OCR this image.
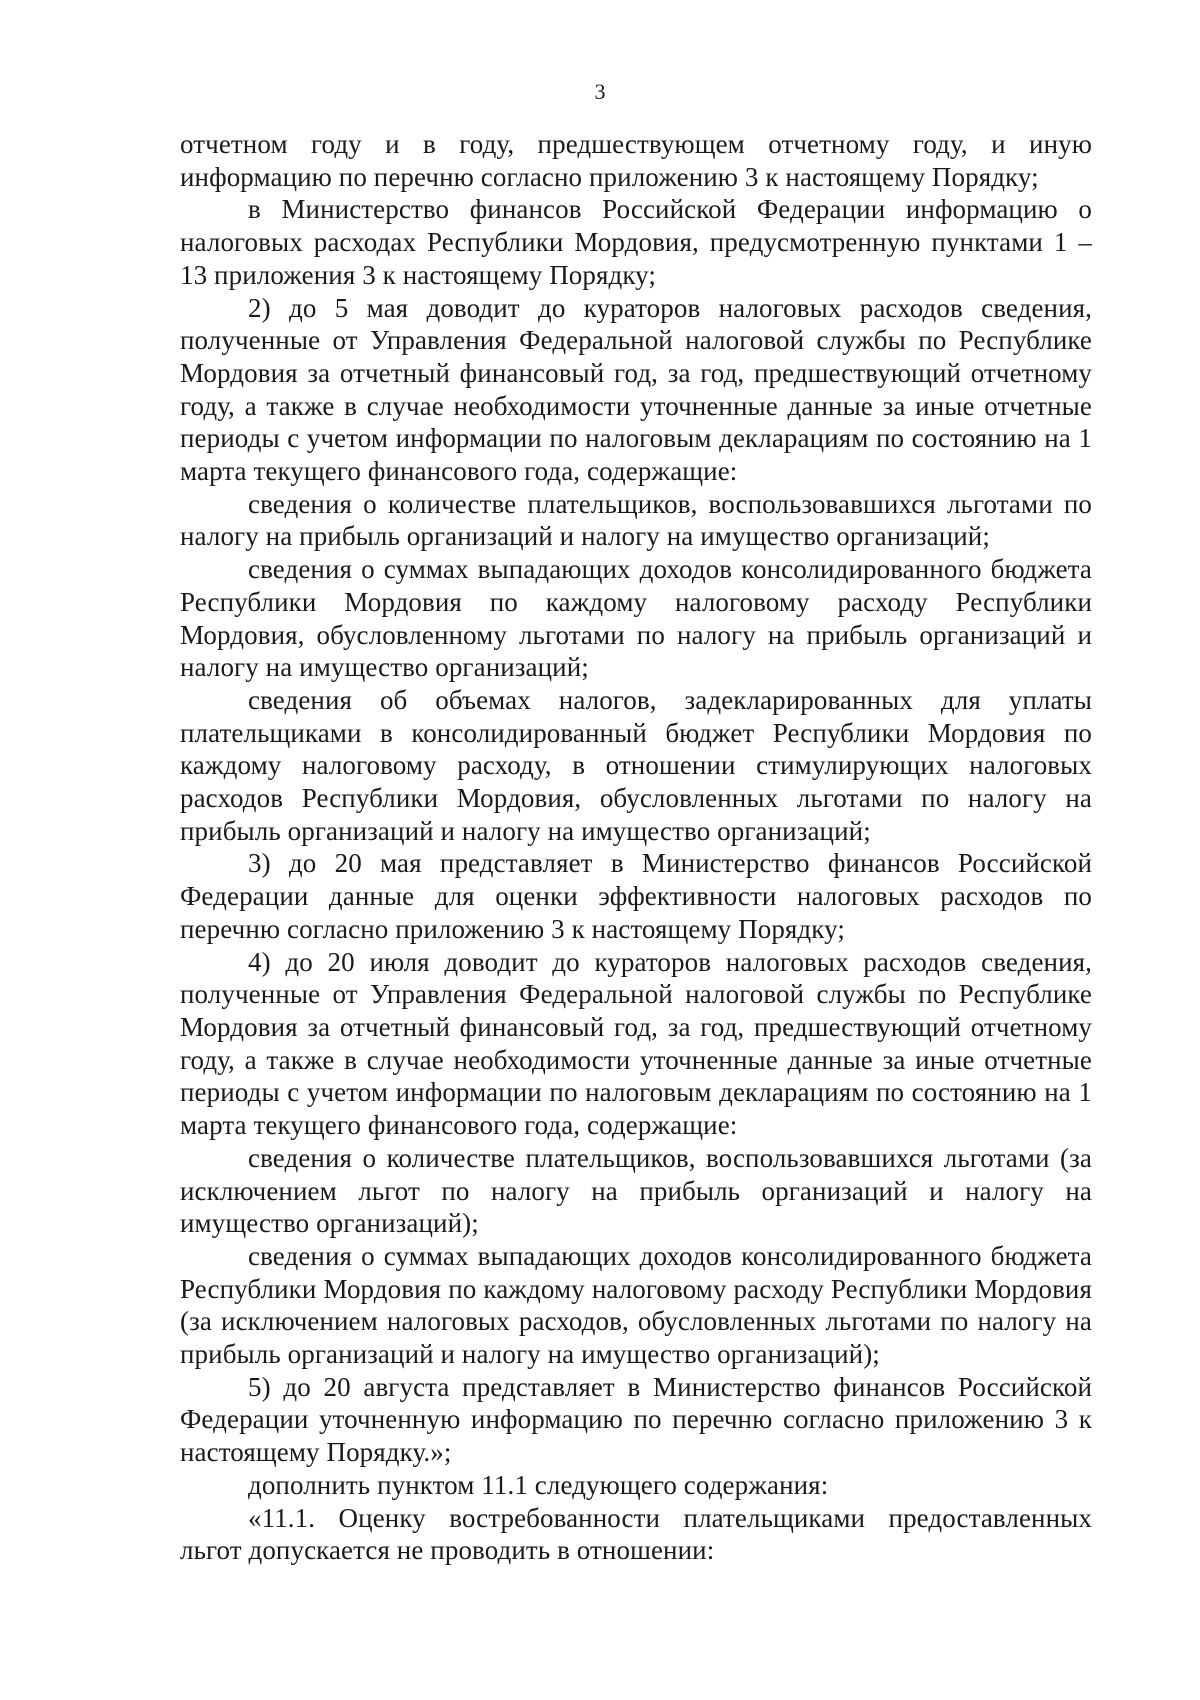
3

отчетном году и в году, предшествующем отчетному году, и иную информацию по перечню согласно приложению 3 к настоящему Порядку;

в Министерство финансов Российской Федерации информацию о налоговых расходах Республики Мордовия, предусмотренную пунктами 1 – 13 приложения 3 к настоящему Порядку;

2) до 5 мая доводит до кураторов налоговых расходов сведения, полученные от Управления Федеральной налоговой службы по Республике Мордовия за отчетный финансовый год, за год, предшествующий отчетному году, а также в случае необходимости уточненные данные за иные отчетные периоды с учетом информации по налоговым декларациям по состоянию на 1 марта текущего финансового года, содержащие:

сведения о количестве плательщиков, воспользовавшихся льготами по налогу на прибыль организаций и налогу на имущество организаций;

сведения о суммах выпадающих доходов консолидированного бюджета Республики Мордовия по каждому налоговому расходу Республики Мордовия, обусловленному льготами по налогу на прибыль организаций и налогу на имущество организаций;

сведения об объемах налогов, задекларированных для уплаты плательщиками в консолидированный бюджет Республики Мордовия по каждому налоговому расходу, в отношении стимулирующих налоговых расходов Республики Мордовия, обусловленных льготами по налогу на прибыль организаций и налогу на имущество организаций;

3) до 20 мая представляет в Министерство финансов Российской Федерации данные для оценки эффективности налоговых расходов по перечню согласно приложению 3 к настоящему Порядку;

4) до 20 июля доводит до кураторов налоговых расходов сведения, полученные от Управления Федеральной налоговой службы по Республике Мордовия за отчетный финансовый год, за год, предшествующий отчетному году, а также в случае необходимости уточненные данные за иные отчетные периоды с учетом информации по налоговым декларациям по состоянию на 1 марта текущего финансового года, содержащие:

сведения о количестве плательщиков, воспользовавшихся льготами (за исключением льгот по налогу на прибыль организаций и налогу на имущество организаций);

сведения о суммах выпадающих доходов консолидированного бюджета Республики Мордовия по каждому налоговому расходу Республики Мордовия (за исключением налоговых расходов, обусловленных льготами по налогу на прибыль организаций и налогу на имущество организаций);

5) до 20 августа представляет в Министерство финансов Российской Федерации уточненную информацию по перечню согласно приложению 3 к настоящему Порядку.»;

дополнить пунктом 11.1 следующего содержания:

«11.1. Оценку востребованности плательщиками предоставленных льгот допускается не проводить в отношении:
